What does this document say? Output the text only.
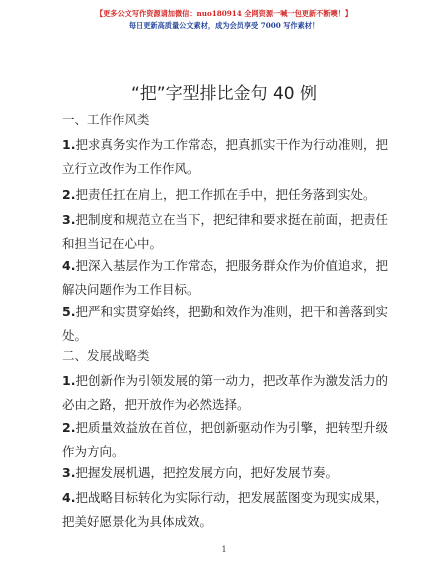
【更多公文写作资源请加微信：nuo180914 全网资源一喊一包更新不断噢！】
每日更新高质量公文素材，成为会员享受 7000 写作素材！
“把”字型排比金句 40 例
一、工作作风类
1.把求真务实作为工作常态，把真抓实干作为行动准则，把立行立改作为工作作风。
2.把责任扛在肩上，把工作抓在手中，把任务落到实处。
3.把制度和规范立在当下，把纪律和要求挺在前面，把责任和担当记在心中。
4.把深入基层作为工作常态，把服务群众作为价值追求，把解决问题作为工作目标。
5.把严和实贯穿始终，把勤和效作为准则，把干和善落到实处。
二、发展战略类
1.把创新作为引领发展的第一动力，把改革作为激发活力的必由之路，把开放作为必然选择。
2.把质量效益放在首位，把创新驱动作为引擎，把转型升级作为方向。
3.把握发展机遇，把控发展方向，把好发展节奏。
4.把战略目标转化为实际行动，把发展蓝图变为现实成果，把美好愿景化为具体成效。
1
